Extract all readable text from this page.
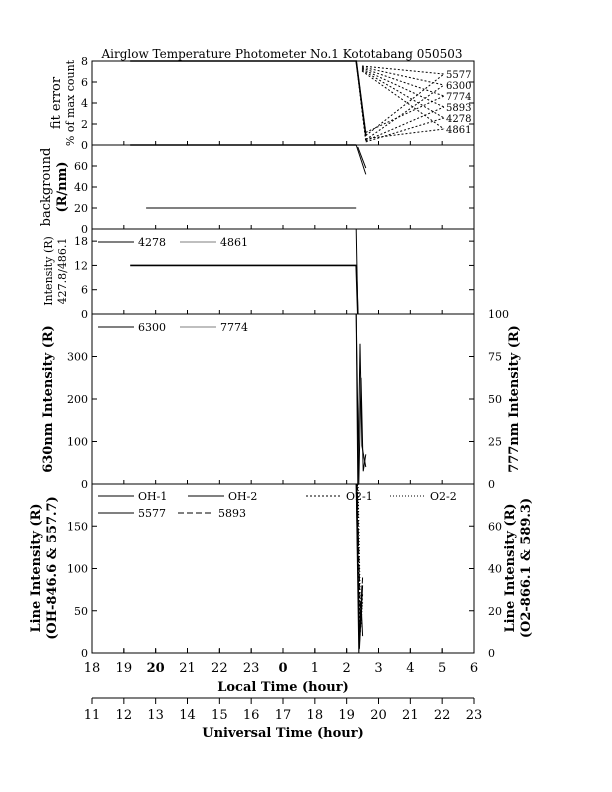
Airglow Temperature Photometer No.1 Kototabang 050503
fit error % of max count
background (R/nm)
Intensity (R) 427.8/486.1
630nm Intensity (R)	777nm Intensity (R)
Line Intensity (R) (OH-846.6 & 557.7)	Line Intensity (R) (O2-866.1 & 589.3)
Local Time (hour)
Universal Time (hour)
18 19 20 21 22 23 0 1 2 3 4 5 6
11 12 13 14 15 16 17 18 19 20 21 22 23
0
2
4
6
8
0
20
40
60
0
6
12
18
0
100
200
300
0
25
50
75
100
0
50
100
150
0
20
40
60
5577
6300
7774
5893
4278
4861
4278	4861
6300	7774
OH-1	OH-2	O2-1	O2-2
5577	5893
